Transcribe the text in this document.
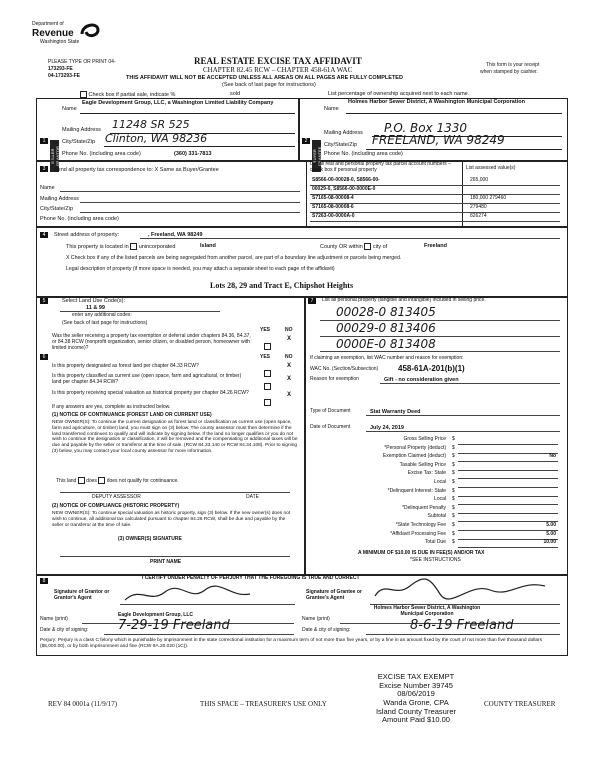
Department of
Revenue
Washington State
PLEASE TYPE OR PRINT 04-
173293-FE
04-173293-FE
REAL ESTATE EXCISE TAX AFFIDAVIT
CHAPTER 82.45 RCW – CHAPTER 458-61A WAC
THIS AFFIDAVIT WILL NOT BE ACCEPTED UNLESS ALL AREAS ON ALL PAGES ARE FULLY COMPLETED
(See back of last page for instructions)
This form is your receipt
when stamped by cashier.
Check box if partial sale, indicate %	sold	List percentage of ownership acquired next to each name.
1	2
SELLER GRANTOR	BUYER GRANTEE
Name
Eagle Development Group, LLC, a Washington Limited Liability Company
Mailing Address 11248 SR 525
City/State/Zip Clinton, WA 98236
Phone No. (including area code)	(360) 331-7813
Holmes Harbor Sewer District, A Washington Municipal Corporation
Name
Mailing Address P.O. Box 1330
City/State/Zip FREELAND, WA 98249
Phone No. (including area code)
3	Send all property tax correspondence to: X Same as Buyer/Grantee
Name
Mailing Address
City/State/Zip
Phone No. (including area code)
List all real and personal property tax parcel account numbers – check box if personal property	List assessed value(s)
S8566-00-00028-0, S8566-00-	265,000
00029-0, S8566-00-0000E-0
S7165-08-00008-4	180,000 279460
S7165-08-00008-6	279480
S7263-00-0000A-0	826274
4	Street address of property:	, Freeland, WA 98249
This property is located in unincorporated	Island	County OR within city of	Freeland
X Check box if any of the listed parcels are being segregated from another parcel, are part of a boundary line adjustment or parcels being merged.
Legal description of property (if more space is needed, you may attach a separate sheet to each page of the affidavit)
Lots 28, 29 and Tract E, Chipshot Heights
5	Select Land Use Code(s):
11 & 99
enter any additional codes:
(See back of last page for instructions)
YES	NO
Was the seller receiving a property tax exemption or deferral under chapters 84.36, 84.37, or 84.38 RCW (nonprofit organization, senior citizen, or disabled person, homeowner with limited income)?
X
6	YES	NO
Is this property designated as forest land per chapter 84.33 RCW?	X
Is this property classified as current use (open space, farm and agricultural, or timber) land per chapter 84.34 RCW?	X
Is this property receiving special valuation as historical property per chapter 84.26 RCW?	X
If any answers are yes, complete as instructed below.
(1) NOTICE OF CONTINUANCE (FOREST LAND OR CURRENT USE)
NEW OWNER(S): To continue the current designation as forest land or classification as current use (open space, farm and agriculture, or timber) land, you must sign on (3) below. The county assessor must then determine if the land transferred continues to qualify and will indicate by signing below. If the land no longer qualifies or you do not wish to continue the designation or classification, it will be removed and the compensating or additional taxes will be due and payable by the seller or transferor at the time of sale. (RCW 84.33.140 or RCW 84.34.108). Prior to signing (3) below, you may contact your local county assessor for more information.
This land does does not qualify for continuance.
DEPUTY ASSESSOR	DATE
(2) NOTICE OF COMPLIANCE (HISTORIC PROPERTY)
NEW OWNER(S): To continue special valuation as historic property, sign (3) below. If the new owner(s) does not wish to continue, all additional tax calculated pursuant to chapter 84.26 RCW, shall be due and payable by the seller or transferor at the time of sale.
(3) OWNER(S) SIGNATURE
PRINT NAME
7	List all personal property (tangible and intangible) included in selling price.
00028-0 813405
00029-0 813406
0000E-0 813408
If claiming an exemption, list WAC number and reason for exemption:
WAC No. (Section/Subsection) 458-61A-201(b)(1)
Reason for exemption	Gift - no consideration given
Type of Document	Stat Warranty Deed
Date of Document	July 24, 2019
Gross Selling Price $
*Personal Property (deduct) $
Exemption Claimed (deduct) $	No
Taxable Selling Price $
Excise Tax: State $
Local $
*Delinquent Interest: State $
Local $
*Delinquent Penalty $
Subtotal $
*State Technology Fee $	5.00
*Affidavit Processing Fee $	5.00
Total Due $	10.00
A MINIMUM OF $10.00 IS DUE IN FEE(S) AND/OR TAX
*SEE INSTRUCTIONS
8	I CERTIFY UNDER PENALTY OF PERJURY THAT THE FOREGOING IS TRUE AND CORRECT
Signature of Grantor or Grantor's Agent
Signature of Grantee or Grantee's Agent
Name (print)
Eagle Development Group, LLC
Name (print)
Holmes Harbor Sewer District, A Washington Municipal Corporation
Date & city of signing: 7-29-19 Freeland	Date & city of signing:	8-6-19 Freeland
Perjury: Perjury is a class C felony which is punishable by imprisonment in the state correctional institution for a maximum term of not more than five years, or by a fine in an amount fixed by the court of not more than five thousand dollars ($5,000.00), or by both imprisonment and fine (RCW 9A.20.020 (1C)).
REV 84 0001a (11/9/17)	THIS SPACE – TREASURER'S USE ONLY	COUNTY TREASURER
EXCISE TAX EXEMPT
Excise Number 39745
08/06/2019
Wanda Grone, CPA
Island County Treasurer
Amount Paid $10.00
